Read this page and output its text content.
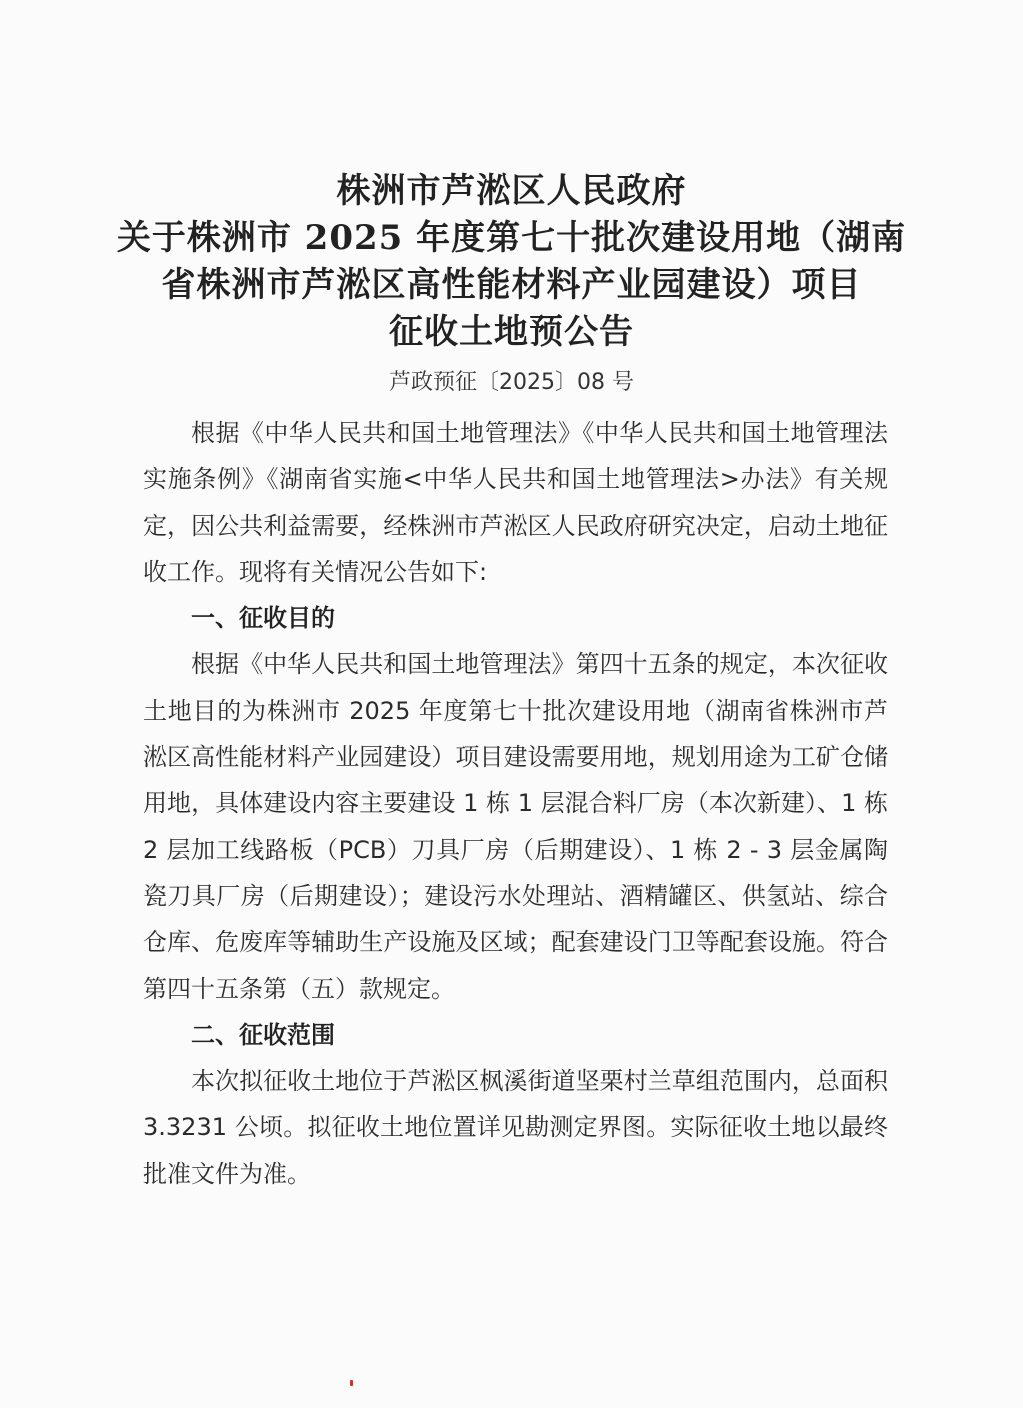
株洲市芦淞区人民政府
关于株洲市 2025 年度第七十批次建设用地（湖南
省株洲市芦淞区高性能材料产业园建设）项目
征收土地预公告
芦政预征〔2025〕08 号

根据《中华人民共和国土地管理法》《中华人民共和国土地管理法实施条例》《湖南省实施<中华人民共和国土地管理法>办法》有关规定，因公共利益需要，经株洲市芦淞区人民政府研究决定，启动土地征收工作。现将有关情况公告如下:

一、征收目的

根据《中华人民共和国土地管理法》第四十五条的规定，本次征收土地目的为株洲市 2025 年度第七十批次建设用地（湖南省株洲市芦淞区高性能材料产业园建设）项目建设需要用地，规划用途为工矿仓储用地，具体建设内容主要建设 1 栋 1 层混合料厂房（本次新建）、1 栋 2 层加工线路板（PCB）刀具厂房（后期建设）、1 栋 2 - 3 层金属陶瓷刀具厂房（后期建设）；建设污水处理站、酒精罐区、供氢站、综合仓库、危废库等辅助生产设施及区域；配套建设门卫等配套设施。符合第四十五条第（五）款规定。

二、征收范围

本次拟征收土地位于芦淞区枫溪街道坚栗村兰草组范围内，总面积 3.3231 公顷。拟征收土地位置详见勘测定界图。实际征收土地以最终批准文件为准。
